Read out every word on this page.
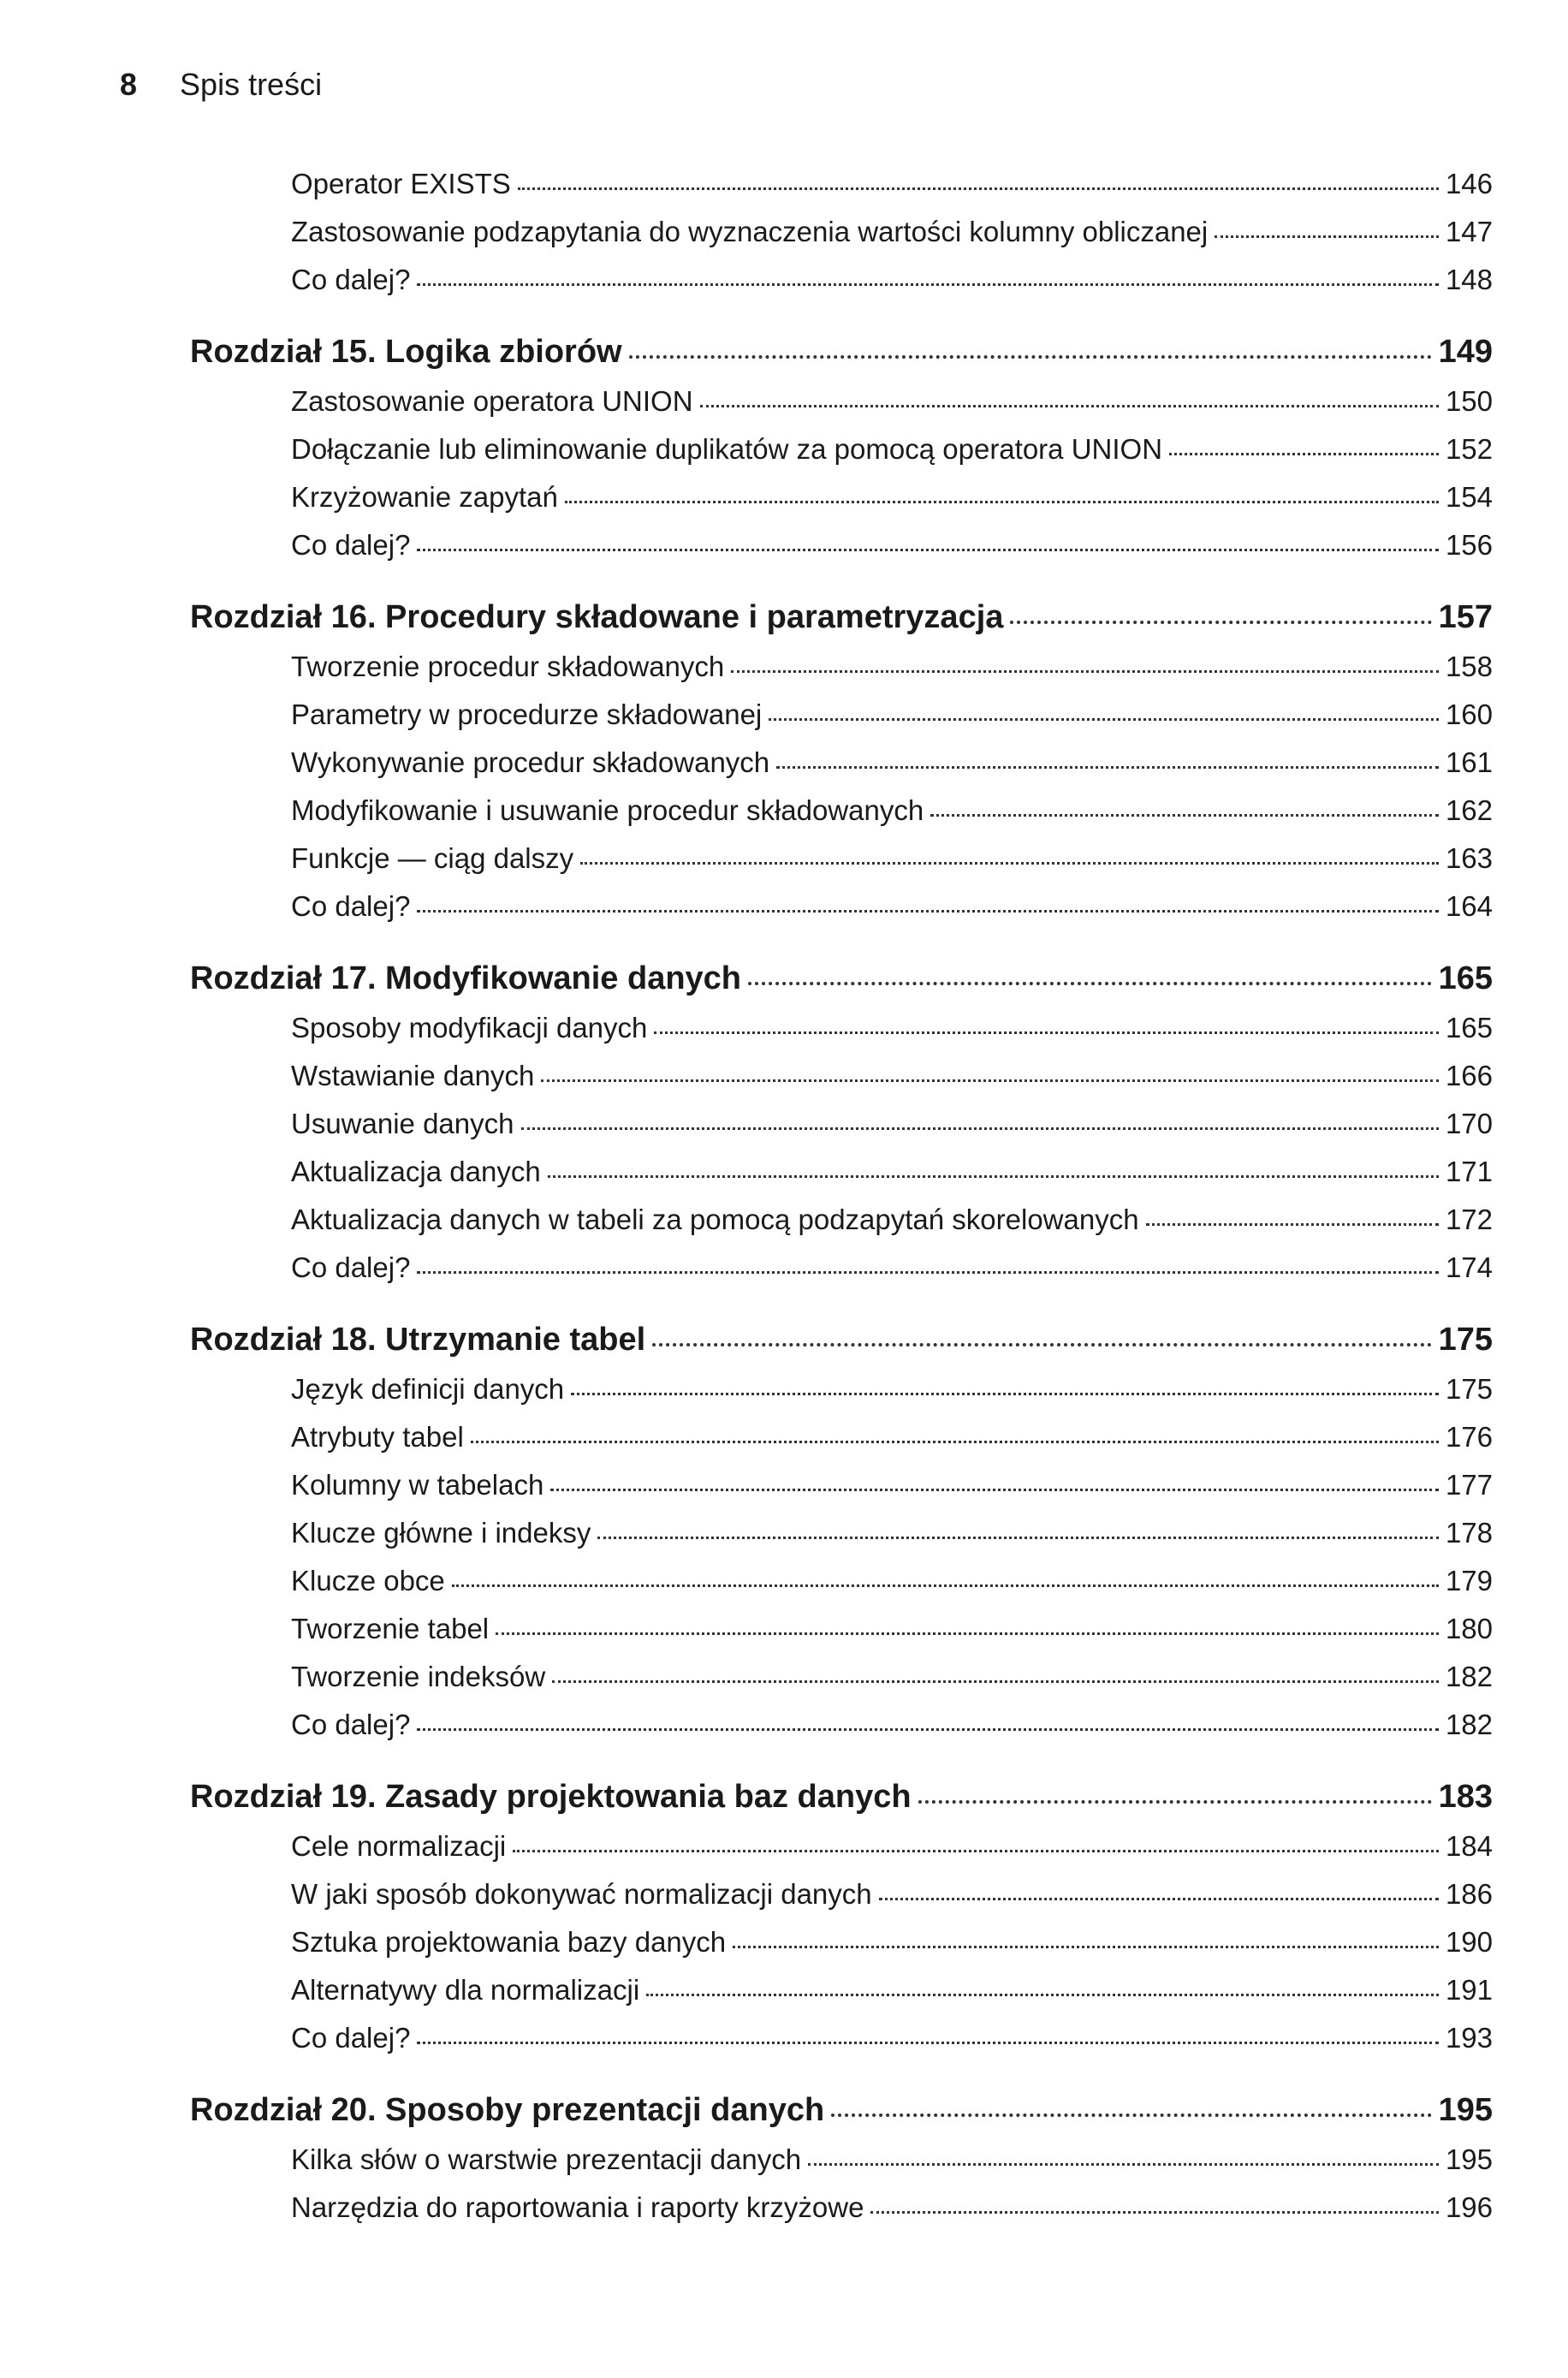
8 Spis treści
Operator EXISTS	146
Zastosowanie podzapytania do wyznaczenia wartości kolumny obliczanej	147
Co dalej?	148
Rozdział 15. Logika zbiorów	149
Zastosowanie operatora UNION	150
Dołączanie lub eliminowanie duplikatów za pomocą operatora UNION	152
Krzyżowanie zapytań	154
Co dalej?	156
Rozdział 16. Procedury składowane i parametryzacja	157
Tworzenie procedur składowanych	158
Parametry w procedurze składowanej	160
Wykonywanie procedur składowanych	161
Modyfikowanie i usuwanie procedur składowanych	162
Funkcje — ciąg dalszy	163
Co dalej?	164
Rozdział 17. Modyfikowanie danych	165
Sposoby modyfikacji danych	165
Wstawianie danych	166
Usuwanie danych	170
Aktualizacja danych	171
Aktualizacja danych w tabeli za pomocą podzapytań skorelowanych	172
Co dalej?	174
Rozdział 18. Utrzymanie tabel	175
Język definicji danych	175
Atrybuty tabel	176
Kolumny w tabelach	177
Klucze główne i indeksy	178
Klucze obce	179
Tworzenie tabel	180
Tworzenie indeksów	182
Co dalej?	182
Rozdział 19. Zasady projektowania baz danych	183
Cele normalizacji	184
W jaki sposób dokonywać normalizacji danych	186
Sztuka projektowania bazy danych	190
Alternatywy dla normalizacji	191
Co dalej?	193
Rozdział 20. Sposoby prezentacji danych	195
Kilka słów o warstwie prezentacji danych	195
Narzędzia do raportowania i raporty krzyżowe	196
